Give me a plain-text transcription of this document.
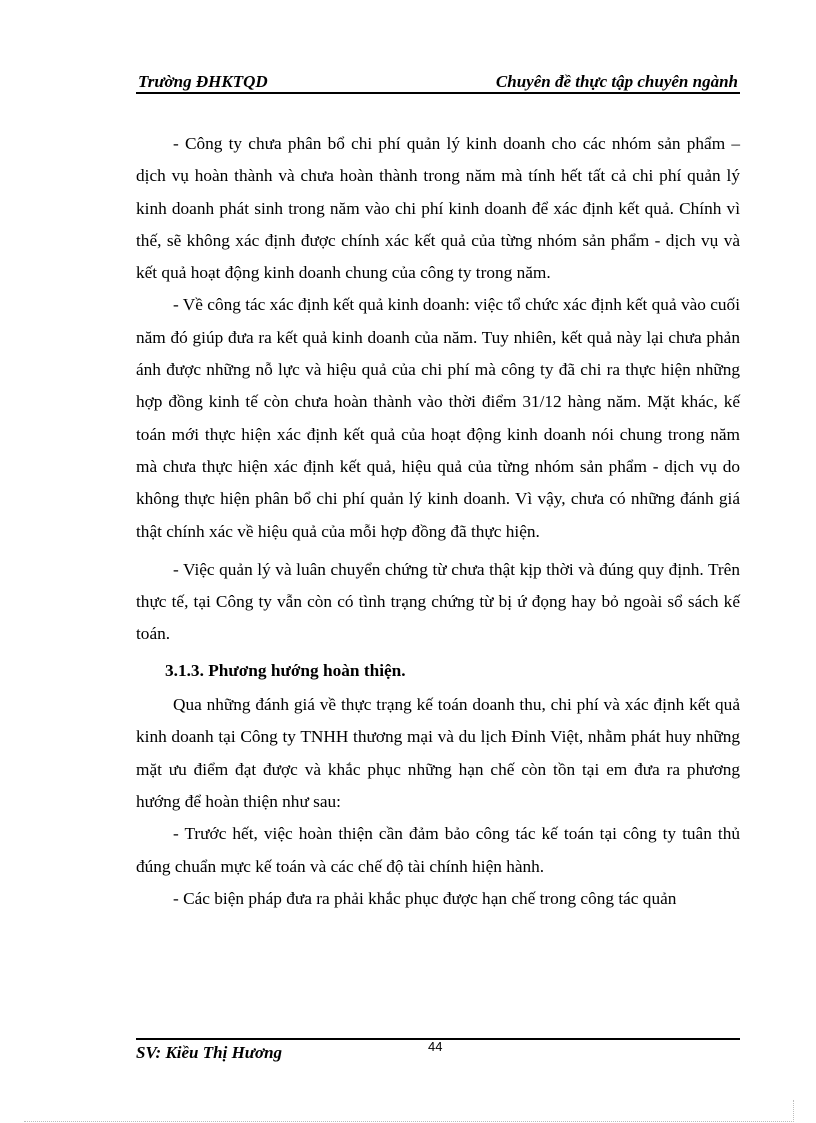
Trường ĐHKTQD	Chuyên đề thực tập chuyên ngành

- Công ty chưa phân bổ chi phí quản lý kinh doanh cho các nhóm sản phẩm – dịch vụ hoàn thành và chưa hoàn thành trong năm mà tính hết tất cả chi phí quản lý kinh doanh phát sinh trong năm vào chi phí kinh doanh để xác định kết quả. Chính vì thế, sẽ không xác định được chính xác kết quả của từng nhóm sản phẩm - dịch vụ và kết quả hoạt động kinh doanh chung của công ty trong năm.

- Về công tác xác định kết quả kinh doanh: việc tổ chức xác định kết quả vào cuối năm đó giúp đưa ra kết quả kinh doanh của năm. Tuy nhiên, kết quả này lại chưa phản ánh được những nỗ lực và hiệu quả của chi phí mà công ty đã chi ra thực hiện những hợp đồng kinh tế còn chưa hoàn thành vào thời điểm 31/12 hàng năm. Mặt khác, kế toán mới thực hiện xác định kết quả của hoạt động kinh doanh nói chung trong năm mà chưa thực hiện xác định kết quả, hiệu quả của từng nhóm sản phẩm - dịch vụ do không thực hiện phân bổ chi phí quản lý kinh doanh. Vì vậy, chưa có những đánh giá thật chính xác về hiệu quả của mỗi hợp đồng đã thực hiện.

- Việc quản lý và luân chuyển chứng từ chưa thật kịp thời và đúng quy định. Trên thực tế, tại Công ty vẫn còn có tình trạng chứng từ bị ứ đọng hay bỏ ngoài sổ sách kế toán.

3.1.3. Phương hướng hoàn thiện.

Qua những đánh giá về thực trạng kế toán doanh thu, chi phí và xác định kết quả kinh doanh tại Công ty TNHH thương mại và du lịch Đỉnh Việt, nhằm phát huy những mặt ưu điểm đạt được và khắc phục những hạn chế còn tồn tại em đưa ra phương hướng để hoàn thiện như sau:

- Trước hết, việc hoàn thiện cần đảm bảo công tác kế toán tại công ty tuân thủ đúng chuẩn mực kế toán và các chế độ tài chính hiện hành.

- Các biện pháp đưa ra phải khắc phục được hạn chế trong công tác quản

SV: Kiều Thị Hương	44
